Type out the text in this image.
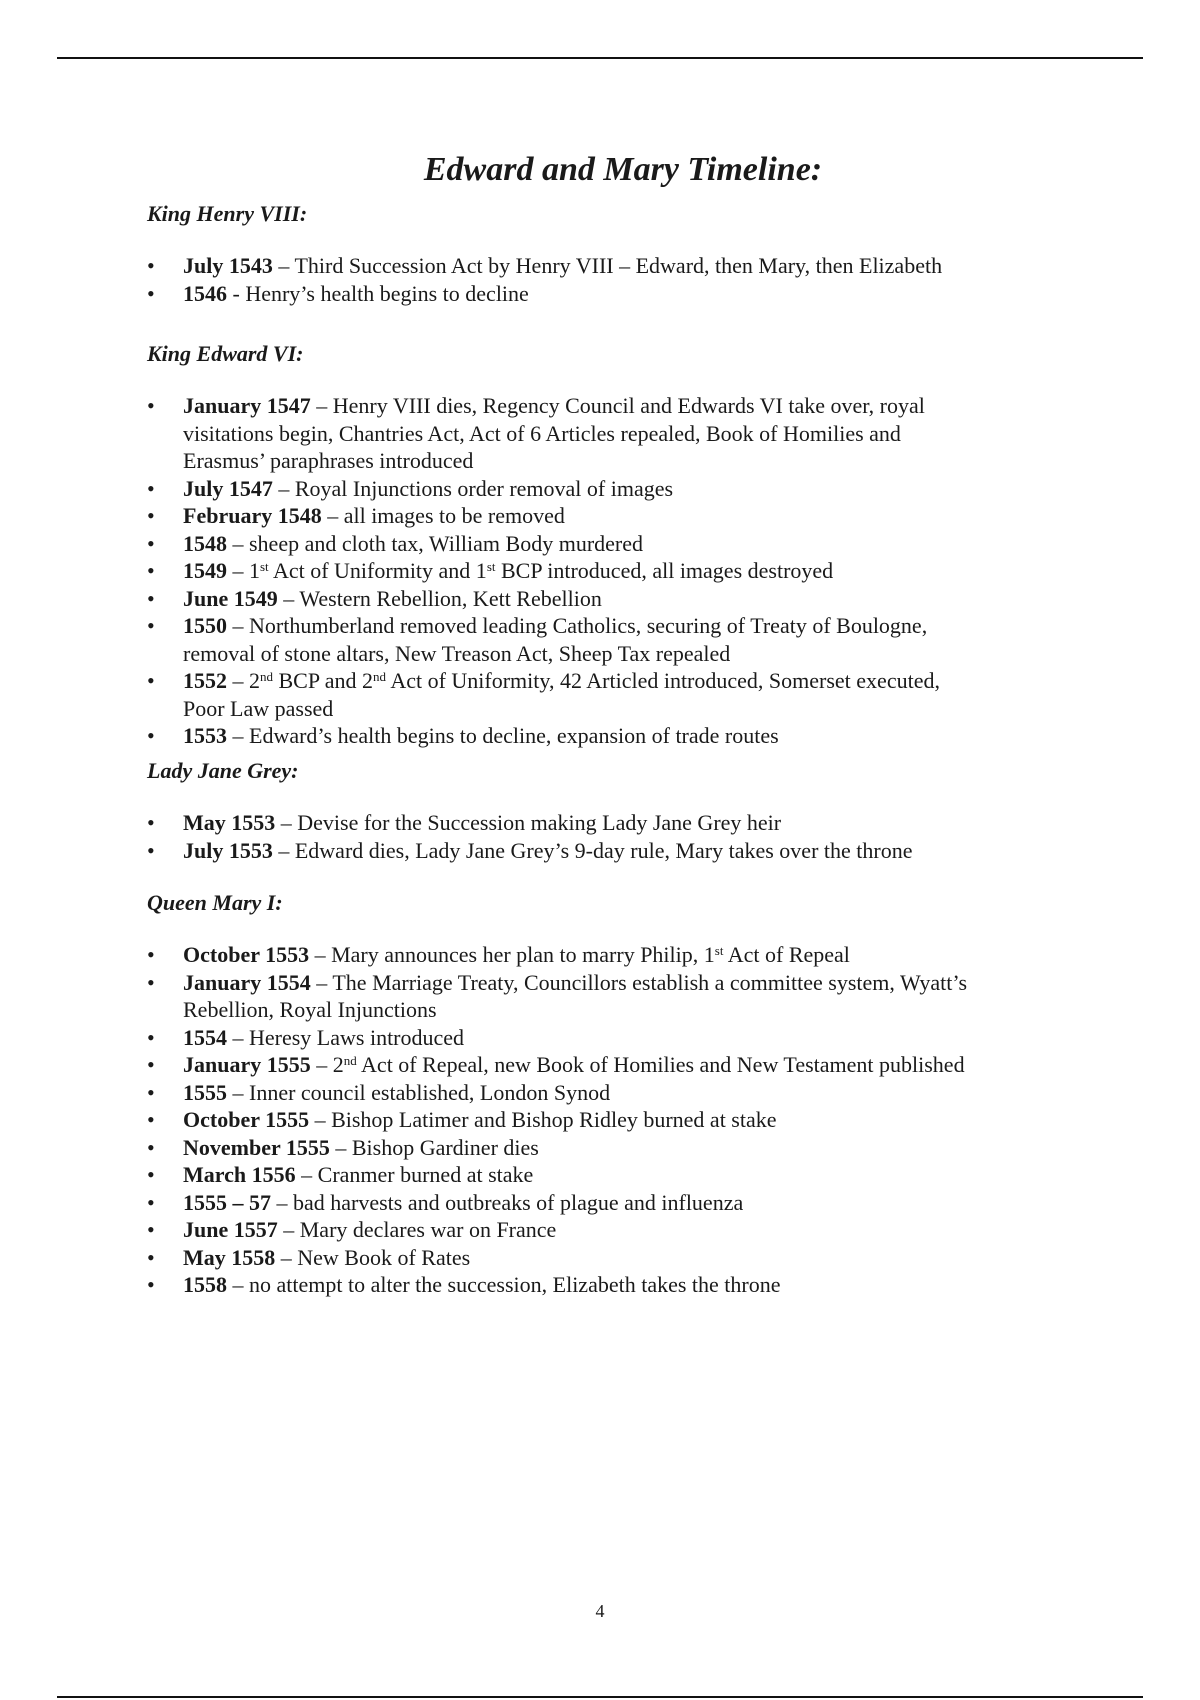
Edward and Mary Timeline:
King Henry VIII:
•	July 1543 – Third Succession Act by Henry VIII – Edward, then Mary, then Elizabeth
•	1546 - Henry’s health begins to decline
King Edward VI:
•	January 1547 – Henry VIII dies, Regency Council and Edwards VI take over, royal
visitations begin, Chantries Act, Act of 6 Articles repealed, Book of Homilies and
Erasmus’ paraphrases introduced
•	July 1547 – Royal Injunctions order removal of images
•	February 1548 – all images to be removed
•	1548 – sheep and cloth tax, William Body murdered
•	1549 – 1st Act of Uniformity and 1st BCP introduced, all images destroyed
•	June 1549 – Western Rebellion, Kett Rebellion
•	1550 – Northumberland removed leading Catholics, securing of Treaty of Boulogne,
removal of stone altars, New Treason Act, Sheep Tax repealed
•	1552 – 2nd BCP and 2nd Act of Uniformity, 42 Articled introduced, Somerset executed,
Poor Law passed
•	1553 – Edward’s health begins to decline, expansion of trade routes
Lady Jane Grey:
•	May 1553 – Devise for the Succession making Lady Jane Grey heir
•	July 1553 – Edward dies, Lady Jane Grey’s 9-day rule, Mary takes over the throne
Queen Mary I:
•	October 1553 – Mary announces her plan to marry Philip, 1st Act of Repeal
•	January 1554 – The Marriage Treaty, Councillors establish a committee system, Wyatt’s
Rebellion, Royal Injunctions
•	1554 – Heresy Laws introduced
•	January 1555 – 2nd Act of Repeal, new Book of Homilies and New Testament published
•	1555 – Inner council established, London Synod
•	October 1555 – Bishop Latimer and Bishop Ridley burned at stake
•	November 1555 – Bishop Gardiner dies
•	March 1556 – Cranmer burned at stake
•	1555 – 57 – bad harvests and outbreaks of plague and influenza
•	June 1557 – Mary declares war on France
•	May 1558 – New Book of Rates
•	1558 – no attempt to alter the succession, Elizabeth takes the throne
4
